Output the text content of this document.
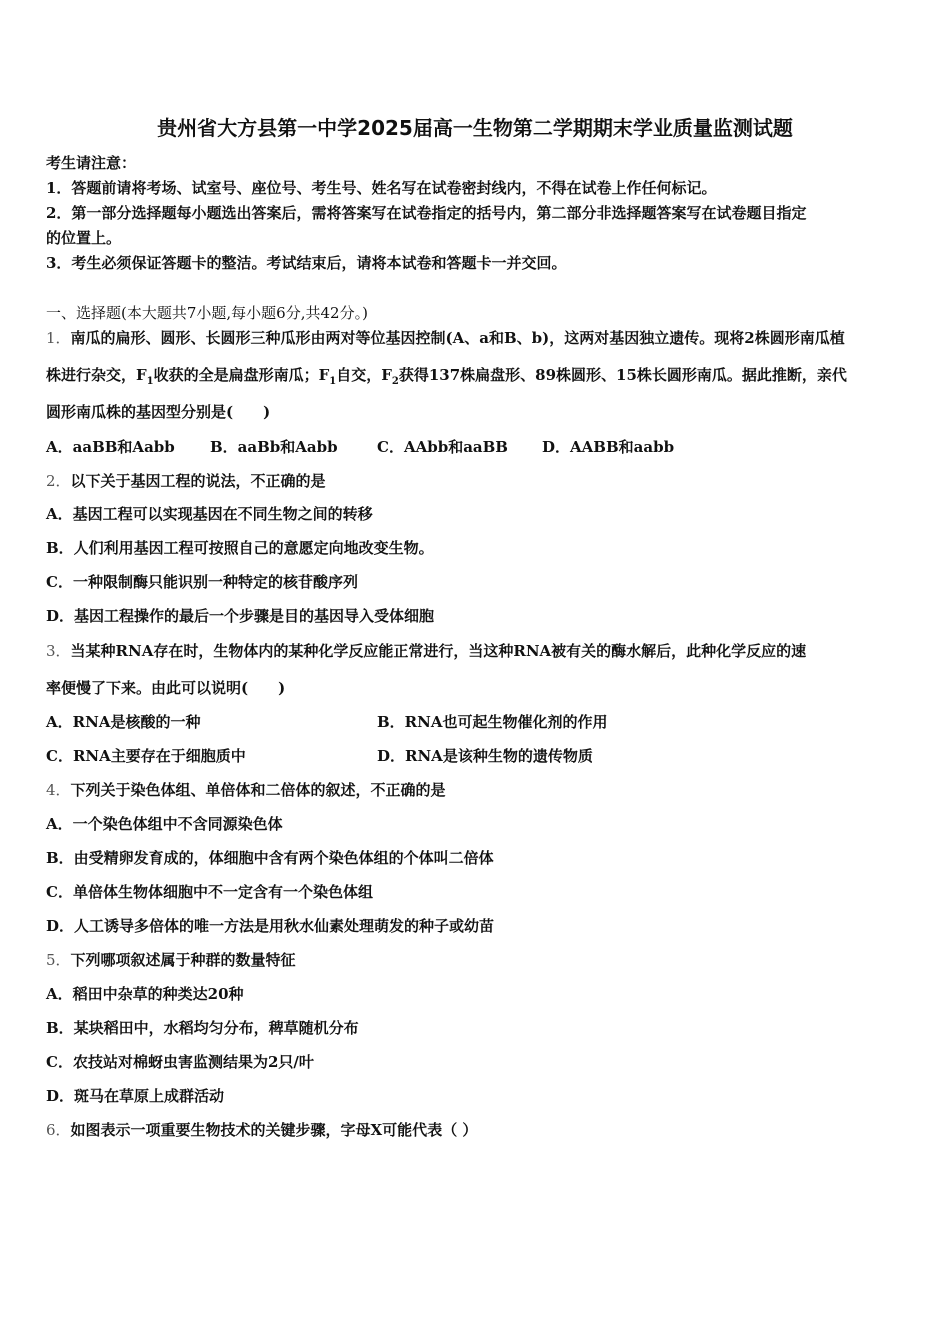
贵州省大方县第一中学2025届高一生物第二学期期末学业质量监测试题
考生请注意：
1．答题前请将考场、试室号、座位号、考生号、姓名写在试卷密封线内，不得在试卷上作任何标记。
2．第一部分选择题每小题选出答案后，需将答案写在试卷指定的括号内，第二部分非选择题答案写在试卷题目指定
的位置上。
3．考生必须保证答题卡的整洁。考试结束后，请将本试卷和答题卡一并交回。
一、选择题(本大题共7小题,每小题6分,共42分。)
1．南瓜的扁形、圆形、长圆形三种瓜形由两对等位基因控制(A、a和B、b)，这两对基因独立遗传。现将2株圆形南瓜植
株进行杂交，$F_1$收获的全是扁盘形南瓜；$F_1$自交，$F_2$获得137株扁盘形、89株圆形、15株长圆形南瓜。据此推断，亲代
圆形南瓜株的基因型分别是(　　)
A．aaBB和Aabb B．aaBb和Aabb	C．AAbb和aaBB D．AABB和aabb
2．以下关于基因工程的说法，不正确的是
A．基因工程可以实现基因在不同生物之间的转移
B．人们利用基因工程可按照自己的意愿定向地改变生物。
C．一种限制酶只能识别一种特定的核苷酸序列
D．基因工程操作的最后一个步骤是目的基因导入受体细胞
3．当某种RNA存在时，生物体内的某种化学反应能正常进行，当这种RNA被有关的酶水解后，此种化学反应的速
率便慢了下来。由此可以说明(　　)
A．RNA是核酸的一种	B．RNA也可起生物催化剂的作用
C．RNA主要存在于细胞质中	D．RNA是该种生物的遗传物质
4．下列关于染色体组、单倍体和二倍体的叙述，不正确的是
A．一个染色体组中不含同源染色体
B．由受精卵发育成的，体细胞中含有两个染色体组的个体叫二倍体
C．单倍体生物体细胞中不一定含有一个染色体组
D．人工诱导多倍体的唯一方法是用秋水仙素处理萌发的种子或幼苗
5．下列哪项叙述属于种群的数量特征
A．稻田中杂草的种类达20种
B．某块稻田中，水稻均匀分布，稗草随机分布
C．农技站对棉蚜虫害监测结果为2只/叶
D．斑马在草原上成群活动
6．如图表示一项重要生物技术的关键步骤，字母X可能代表（ ）
